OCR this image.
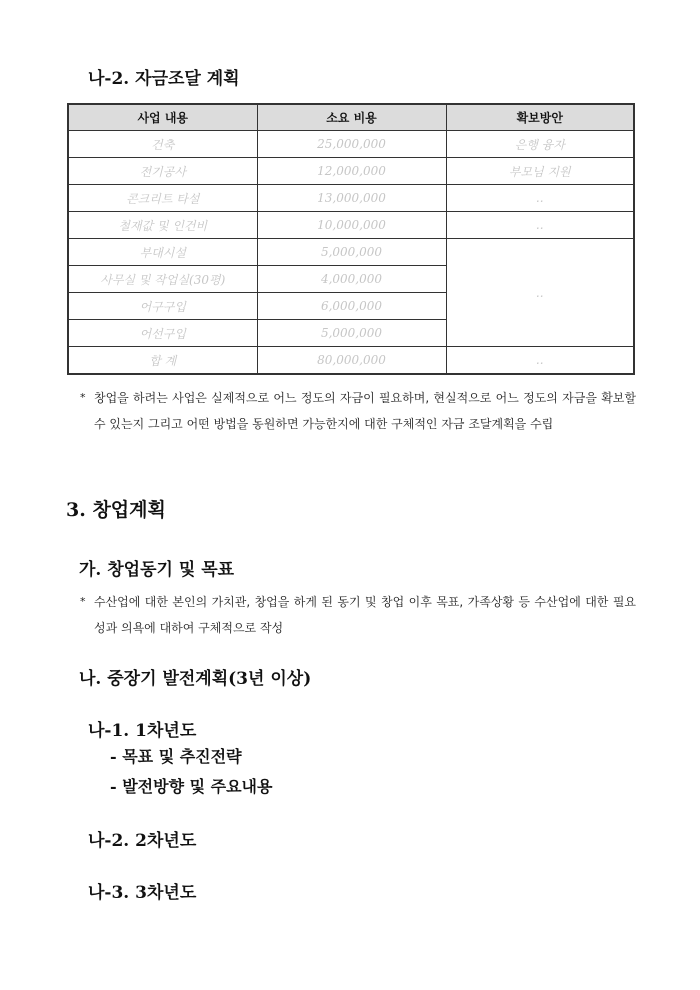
나-2. 자금조달 계획
사업 내용	소요 비용	확보방안
건축	25,000,000	은행 융자
전기공사	12,000,000	부모님 지원
콘크리트 타설	13,000,000	..
철재값 및 인건비	10,000,000	..
부대시설	5,000,000	..
사무실 및 작업실(30평)	4,000,000	
어구구입	6,000,000	
어선구입	5,000,000	
합 계	80,000,000	..
* 창업을 하려는 사업은 실제적으로 어느 정도의 자금이 필요하며, 현실적으로 어느 정도의 자금을 확보할 수 있는지 그리고 어떤 방법을 동원하면 가능한지에 대한 구체적인 자금 조달계획을 수립
3. 창업계획
가. 창업동기 및 목표
* 수산업에 대한 본인의 가치관, 창업을 하게 된 동기 및 창업 이후 목표, 가족상황 등 수산업에 대한 필요성과 의욕에 대하여 구체적으로 작성
나. 중장기 발전계획(3년 이상)
나-1. 1차년도
- 목표 및 추진전략
- 발전방향 및 주요내용
나-2. 2차년도
나-3. 3차년도
